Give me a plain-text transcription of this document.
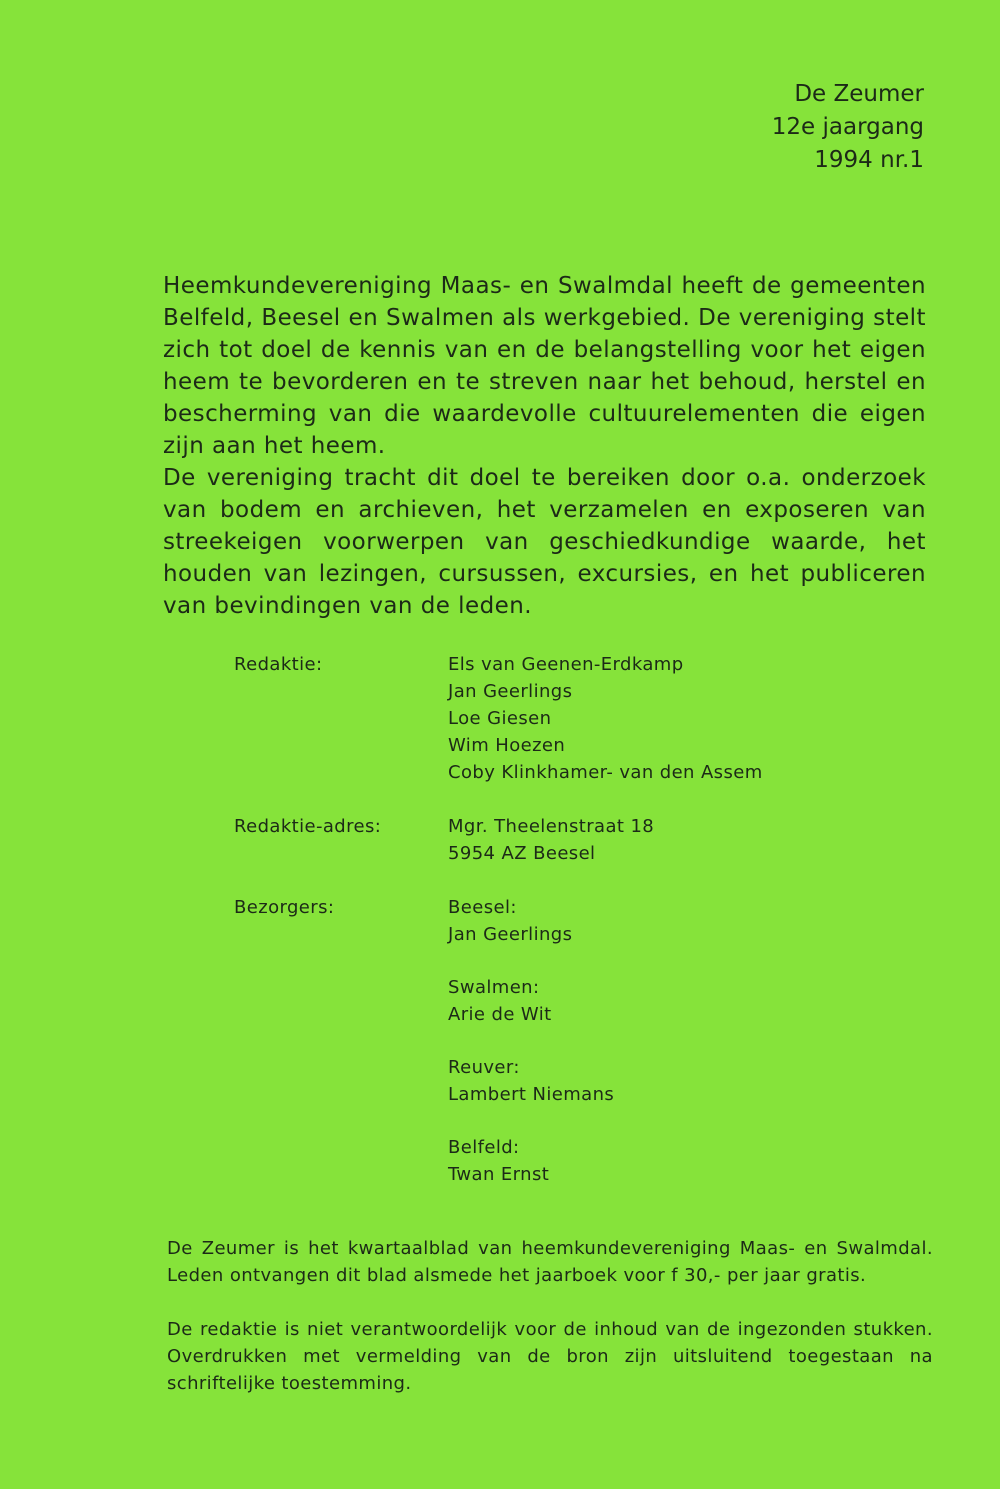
De Zeumer
12e jaargang
1994 nr.1

Heemkundevereniging Maas- en Swalmdal heeft de gemeenten Belfeld, Beesel en Swalmen als werkgebied. De vereniging stelt zich tot doel de kennis van en de belangstelling voor het eigen heem te bevorderen en te streven naar het behoud, herstel en bescherming van die waardevolle cultuurelementen die eigen zijn aan het heem.

De vereniging tracht dit doel te bereiken door o.a. onderzoek van bodem en archieven, het verzamelen en exposeren van streekeigen voorwerpen van geschiedkundige waarde, het houden van lezingen, cursussen, excursies, en het publiceren van bevindingen van de leden.

Redaktie:	Els van Geenen-Erdkamp
Jan Geerlings
Loe Giesen
Wim Hoezen
Coby Klinkhamer- van den Assem
Redaktie-adres:	Mgr. Theelenstraat 18
5954 AZ Beesel
Bezorgers:	Beesel:
Jan Geerlings
Swalmen:
Arie de Wit
Reuver:
Lambert Niemans
Belfeld:
Twan Ernst

De Zeumer is het kwartaalblad van heemkundevereniging Maas- en Swalmdal. Leden ontvangen dit blad alsmede het jaarboek voor f 30,- per jaar gratis.

De redaktie is niet verantwoordelijk voor de inhoud van de ingezonden stukken. Overdrukken met vermelding van de bron zijn uitsluitend toegestaan na schriftelijke toestemming.
